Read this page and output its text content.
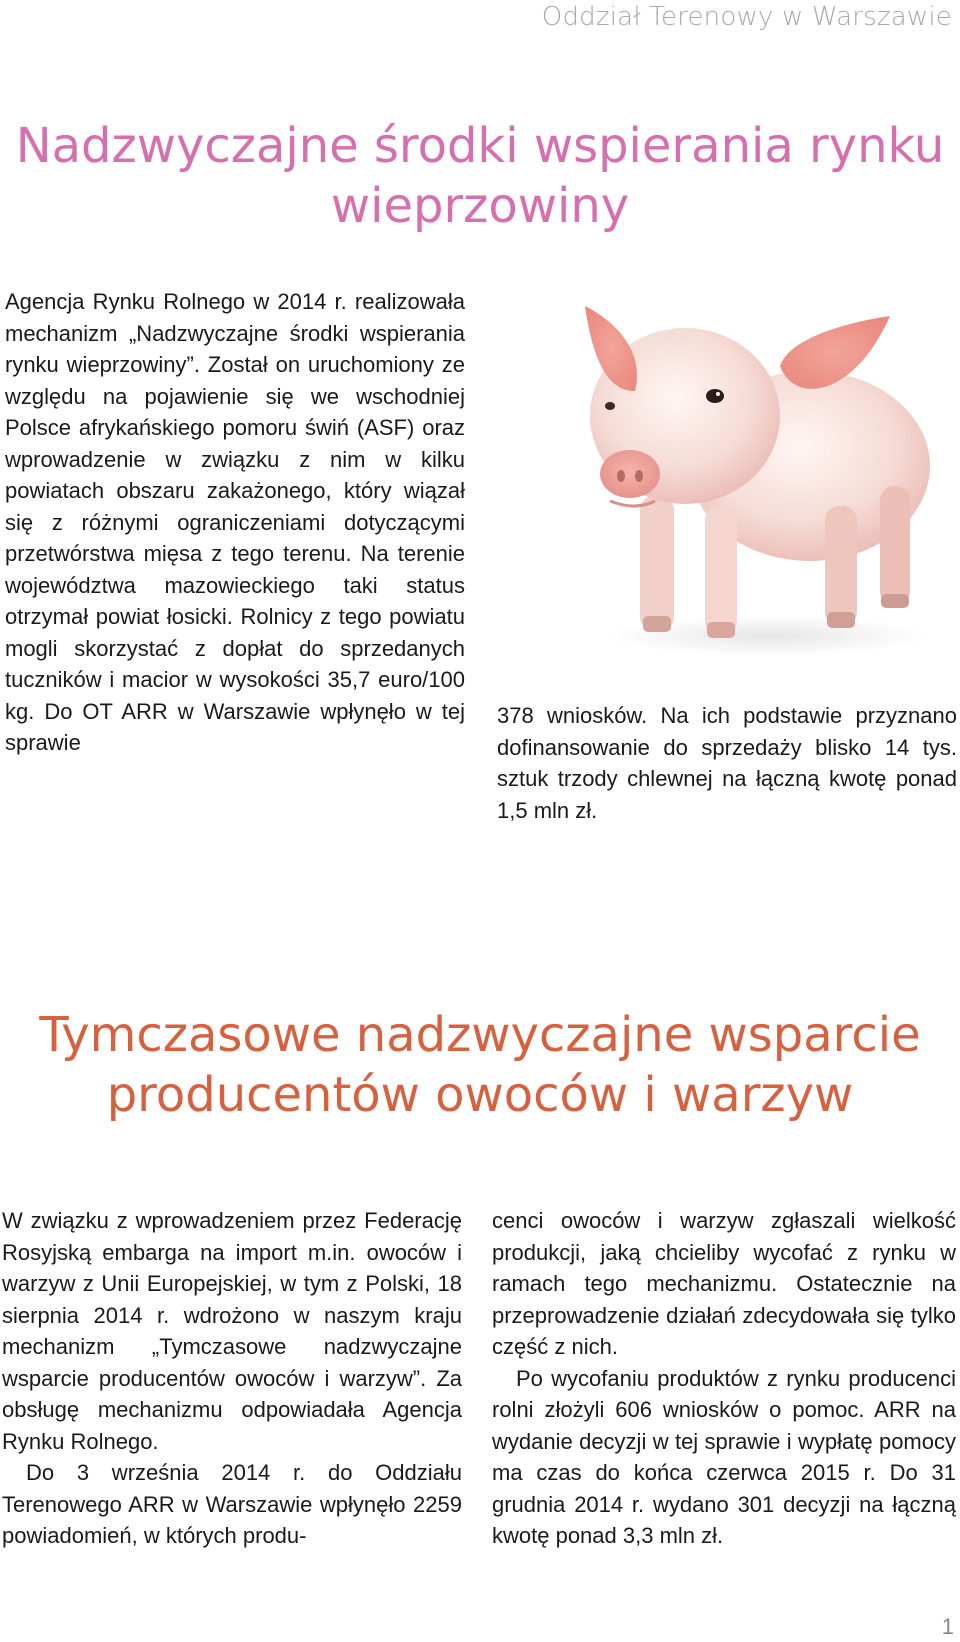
Oddział Terenowy w Warszawie
Nadzwyczajne środki wspierania rynku wieprzowiny

Agencja Rynku Rolnego w 2014 r. realizowała mechanizm „Nadzwyczajne środki wspierania rynku wieprzowiny”. Został on uruchomiony ze względu na pojawienie się we wschodniej Polsce afrykańskiego pomoru świń (ASF) oraz wprowadzenie w związku z nim w kilku powiatach obszaru zakażonego, który wiązał się z różnymi ograniczeniami dotyczącymi przetwórstwa mięsa z tego terenu. Na terenie województwa mazowieckiego taki status otrzymał powiat łosicki. Rolnicy z tego powiatu mogli skorzystać z dopłat do sprzedanych tuczników i macior w wysokości 35,7 euro/100 kg. Do OT ARR w Warszawie wpłynęło w tej sprawie

378 wniosków. Na ich podstawie przyznano dofinansowanie do sprzedaży blisko 14 tys. sztuk trzody chlewnej na łączną kwotę ponad 1,5 mln zł.

Tymczasowe nadzwyczajne wsparcie producentów owoców i warzyw

W związku z wprowadzeniem przez Federację Rosyjską embarga na import m.in. owoców i warzyw z Unii Europejskiej, w tym z Polski, 18 sierpnia 2014 r. wdrożono w naszym kraju mechanizm „Tymczasowe nadzwyczajne wsparcie producentów owoców i warzyw”. Za obsługę mechanizmu odpowiadała Agencja Rynku Rolnego.

Do 3 września 2014 r. do Oddziału Terenowego ARR w Warszawie wpłynęło 2259 powiadomień, w których produ-

cenci owoców i warzyw zgłaszali wielkość produkcji, jaką chcieliby wycofać z rynku w ramach tego mechanizmu. Ostatecznie na przeprowadzenie działań zdecydowała się tylko część z nich.

Po wycofaniu produktów z rynku producenci rolni złożyli 606 wniosków o pomoc. ARR na wydanie decyzji w tej sprawie i wypłatę pomocy ma czas do końca czerwca 2015 r. Do 31 grudnia 2014 r. wydano 301 decyzji na łączną kwotę ponad 3,3 mln zł.

1
